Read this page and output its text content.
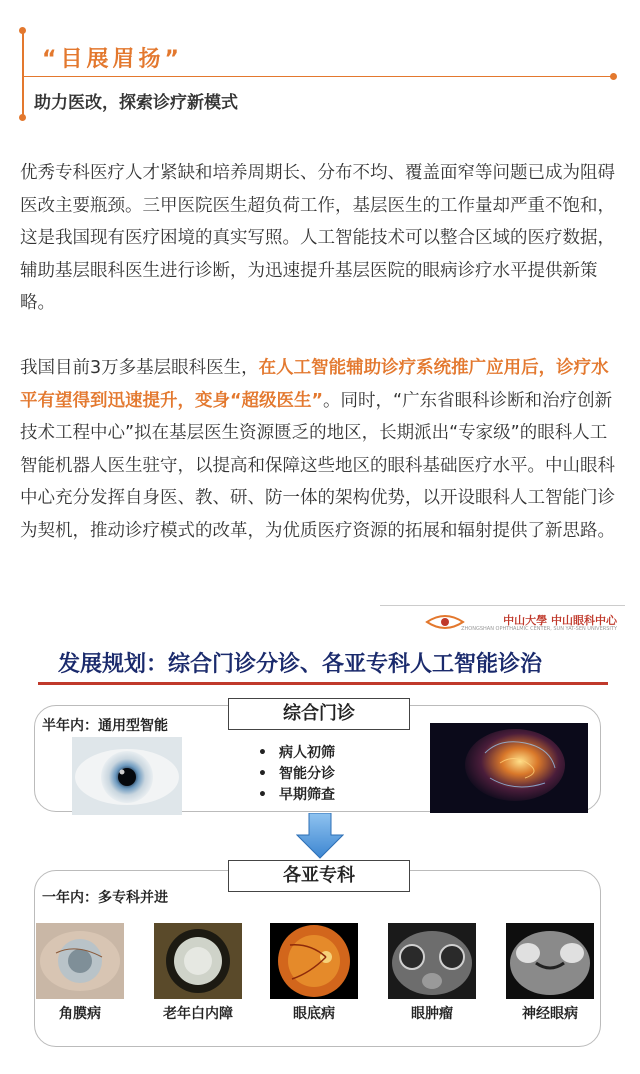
“目展眉扬”
助力医改，探索诊疗新模式
优秀专科医疗人才紧缺和培养周期长、分布不均、覆盖面窄等问题已成为阻碍医改主要瓶颈。三甲医院医生超负荷工作，基层医生的工作量却严重不饱和，这是我国现有医疗困境的真实写照。人工智能技术可以整合区域的医疗数据，辅助基层眼科医生进行诊断，为迅速提升基层医院的眼病诊疗水平提供新策略。
我国目前3万多基层眼科医生，在人工智能辅助诊疗系统推广应用后，诊疗水平有望得到迅速提升，变身“超级医生”。同时，“广东省眼科诊断和治疗创新技术工程中心”拟在基层医生资源匮乏的地区，长期派出“专家级”的眼科人工智能机器人医生驻守，以提高和保障这些地区的眼科基础医疗水平。中山眼科中心充分发挥自身医、教、研、防一体的架构优势，以开设眼科人工智能门诊为契机，推动诊疗模式的改革，为优质医疗资源的拓展和辐射提供了新思路。
中山大學 中山眼科中心
ZHONGSHAN OPHTHALMIC CENTER, SUN YAT-SEN UNIVERSITY
发展规划：综合门诊分诊、各亚专科人工智能诊治
综合门诊
半年内：通用型智能
• 病人初筛
• 智能分诊
• 早期筛查
各亚专科
一年内：多专科并进
角膜病	老年白内障	眼底病	眼肿瘤	神经眼病
